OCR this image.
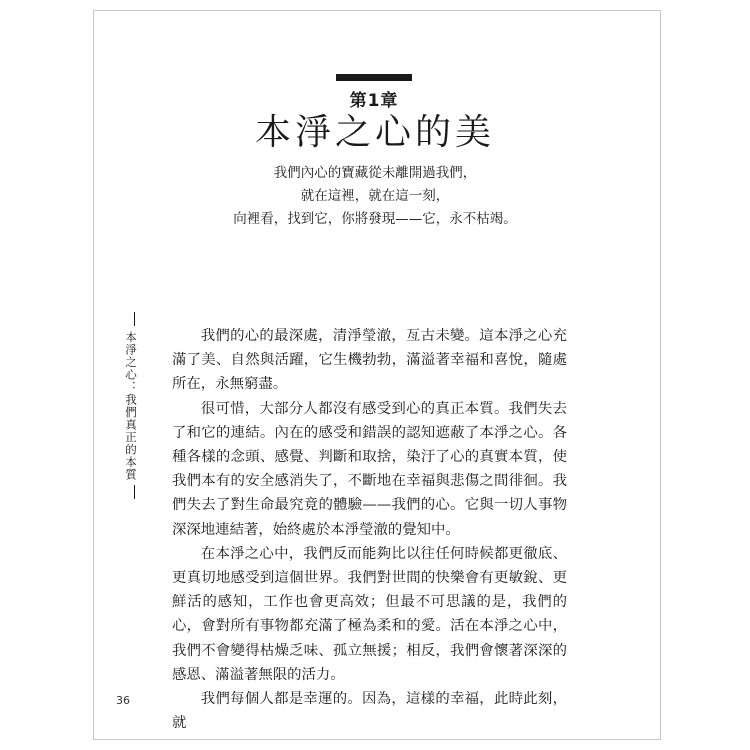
第1章
本淨之心的美
我們內心的寶藏從未離開過我們，
就在這裡，就在這一刻，
向裡看，找到它，你將發現——它，永不枯竭。
本淨之心：我們真正的本質	我們的心的最深處，清淨瑩澈，亙古未變。這本淨之心充滿了美、自然與活躍，它生機勃勃，滿溢著幸福和喜悅，隨處所在，永無窮盡。

很可惜，大部分人都沒有感受到心的真正本質。我們失去了和它的連結。內在的感受和錯誤的認知遮蔽了本淨之心。各種各樣的念頭、感覺、判斷和取捨，染汙了心的真實本質，使我們本有的安全感消失了，不斷地在幸福與悲傷之間徘徊。我們失去了對生命最究竟的體驗——我們的心。它與一切人事物深深地連結著，始終處於本淨瑩澈的覺知中。

在本淨之心中，我們反而能夠比以往任何時候都更徹底、更真切地感受到這個世界。我們對世間的快樂會有更敏銳、更鮮活的感知，工作也會更高效；但最不可思議的是，我們的心，會對所有事物都充滿了極為柔和的愛。活在本淨之心中，我們不會變得枯燥乏味、孤立無援；相反，我們會懷著深深的感恩、滿溢著無限的活力。

我們每個人都是幸運的。因為，這樣的幸福，此時此刻，就

36
